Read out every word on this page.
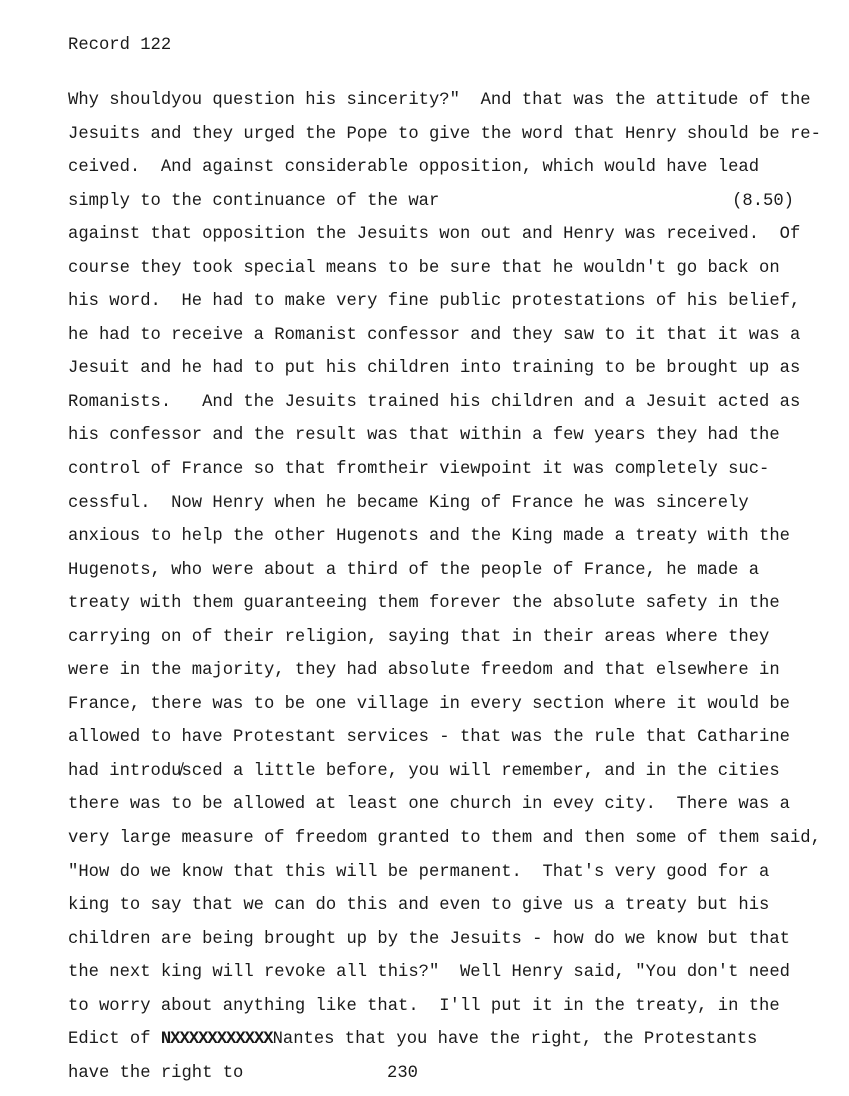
Record 122
Why shouldyou question his sincerity?"  And that was the attitude of the
Jesuits and they urged the Pope to give the word that Henry should be re-
ceived.  And against considerable opposition, which would have lead
simply to the continuance of the war	(8.50)
against that opposition the Jesuits won out and Henry was received.  Of
course they took special means to be sure that he wouldn't go back on
his word.  He had to make very fine public protestations of his belief,
he had to receive a Romanist confessor and they saw to it that it was a
Jesuit and he had to put his children into training to be brought up as
Romanists.   And the Jesuits trained his children and a Jesuit acted as
his confessor and the result was that within a few years they had the
control of France so that fromtheir viewpoint it was completely suc-
cessful.  Now Henry when he became King of France he was sincerely
anxious to help the other Hugenots and the King made a treaty with the
Hugenots, who were about a third of the people of France, he made a
treaty with them guaranteeing them forever the absolute safety in the
carrying on of their religion, saying that in their areas where they
were in the majority, they had absolute freedom and that elsewhere in
France, there was to be one village in every section where it would be
allowed to have Protestant services - that was the rule that Catharine
had introdu̸sced a little before, you will remember, and in the cities
there was to be allowed at least one church in evey city.  There was a
very large measure of freedom granted to them and then some of them said,
"How do we know that this will be permanent.  That's very good for a
king to say that we can do this and even to give us a treaty but his
children are being brought up by the Jesuits - how do we know but that
the next king will revoke all this?"  Well Henry said, "You don't need
to worry about anything like that.  I'll put it in the treaty, in the
Edict of NXXXXXXXXXXXNantes that you have the right, the Protestants
have the right to	230
